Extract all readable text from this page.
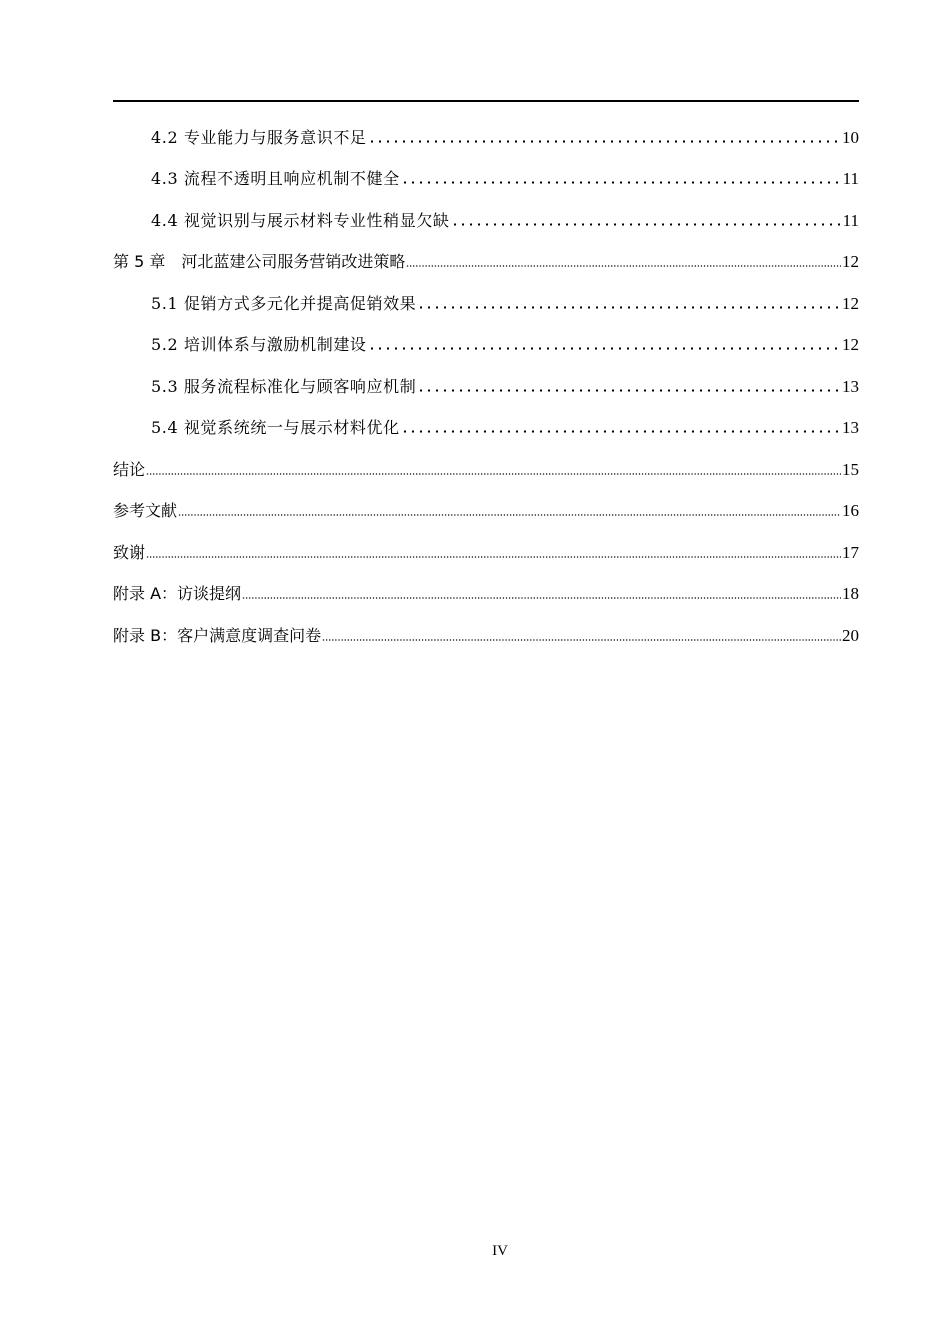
4.2 专业能力与服务意识不足	10
4.3 流程不透明且响应机制不健全	11
4.4 视觉识别与展示材料专业性稍显欠缺	11
第 5 章　河北蓝建公司服务营销改进策略	12
5.1 促销方式多元化并提高促销效果	12
5.2 培训体系与激励机制建设	12
5.3 服务流程标准化与顾客响应机制	13
5.4 视觉系统统一与展示材料优化	13
结论	15
参考文献	16
致谢	17
附录 A：访谈提纲	18
附录 B：客户满意度调查问卷	20
IV
